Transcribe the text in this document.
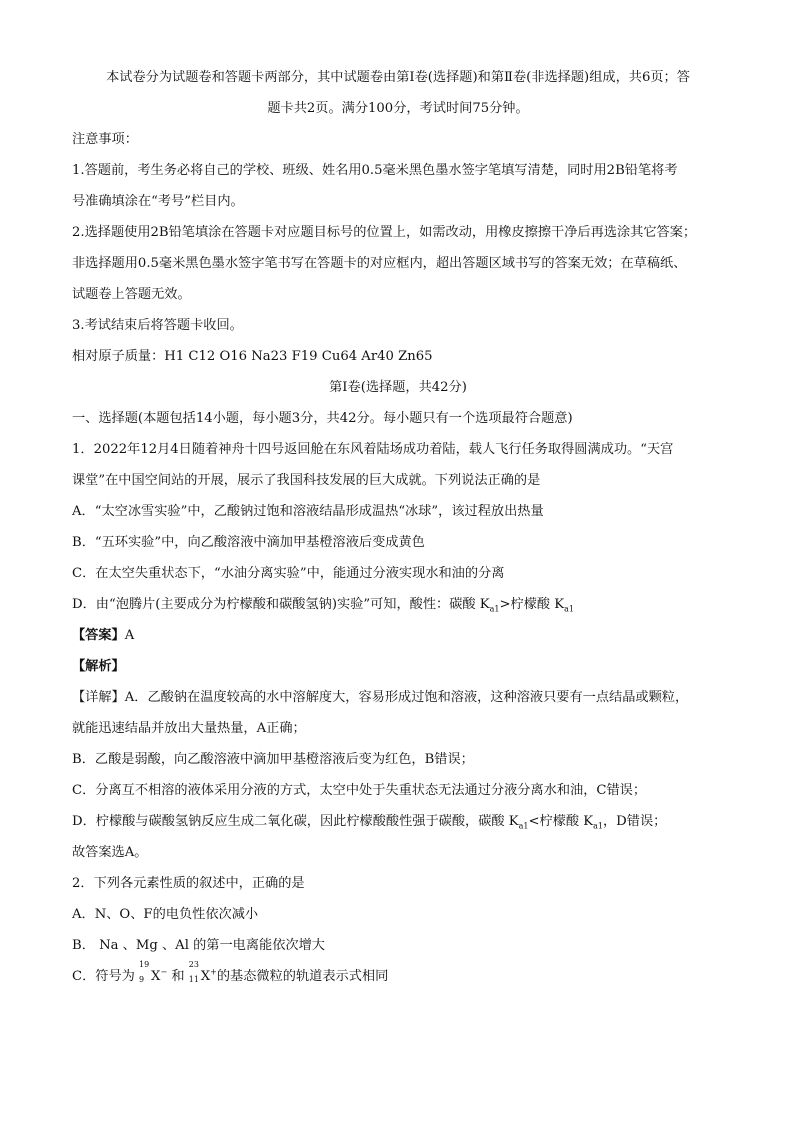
本试卷分为试题卷和答题卡两部分，其中试题卷由第Ⅰ卷(选择题)和第Ⅱ卷(非选择题)组成，共6页；答
题卡共2页。满分100分，考试时间75分钟。
注意事项：
1.答题前，考生务必将自己的学校、班级、姓名用0.5毫米黑色墨水签字笔填写清楚，同时用2B铅笔将考
号准确填涂在“考号”栏目内。
2.选择题使用2B铅笔填涂在答题卡对应题目标号的位置上，如需改动，用橡皮擦擦干净后再选涂其它答案；
非选择题用0.5毫米黑色墨水签字笔书写在答题卡的对应框内，超出答题区域书写的答案无效；在草稿纸、
试题卷上答题无效。
3.考试结束后将答题卡收回。
相对原子质量：H1 C12 O16 Na23 F19 Cu64 Ar40 Zn65
第Ⅰ卷(选择题，共42分)
一、选择题(本题包括14小题，每小题3分，共42分。每小题只有一个选项最符合题意)
1．2022年12月4日随着神舟十四号返回舱在东风着陆场成功着陆，载人飞行任务取得圆满成功。“天宫
课堂”在中国空间站的开展，展示了我国科技发展的巨大成就。下列说法正确的是
A．“太空冰雪实验”中，乙酸钠过饱和溶液结晶形成温热“冰球”，该过程放出热量
B．“五环实验”中，向乙酸溶液中滴加甲基橙溶液后变成黄色
C．在太空失重状态下，“水油分离实验”中，能通过分液实现水和油的分离
D．由“泡腾片(主要成分为柠檬酸和碳酸氢钠)实验”可知，酸性：碳酸 $K_{a1}>$柠檬酸 $K_{a1}$
【答案】A
【解析】
【详解】A．乙酸钠在温度较高的水中溶解度大，容易形成过饱和溶液，这种溶液只要有一点结晶或颗粒，
就能迅速结晶并放出大量热量，A正确；
B．乙酸是弱酸，向乙酸溶液中滴加甲基橙溶液后变为红色，B错误；
C．分离互不相溶的液体采用分液的方式，太空中处于失重状态无法通过分液分离水和油，C错误；
D．柠檬酸与碳酸氢钠反应生成二氧化碳，因此柠檬酸酸性强于碳酸，碳酸 $K_{a1}<$柠檬酸 $K_{a1}$，D错误；
故答案选A。
2．下列各元素性质的叙述中，正确的是
A．N、O、F的电负性依次减小
B． Na 、Mg 、Al 的第一电离能依次增大
C．符号为
19
9 X− 和
23
11 X+的基态微粒的轨道表示式相同
